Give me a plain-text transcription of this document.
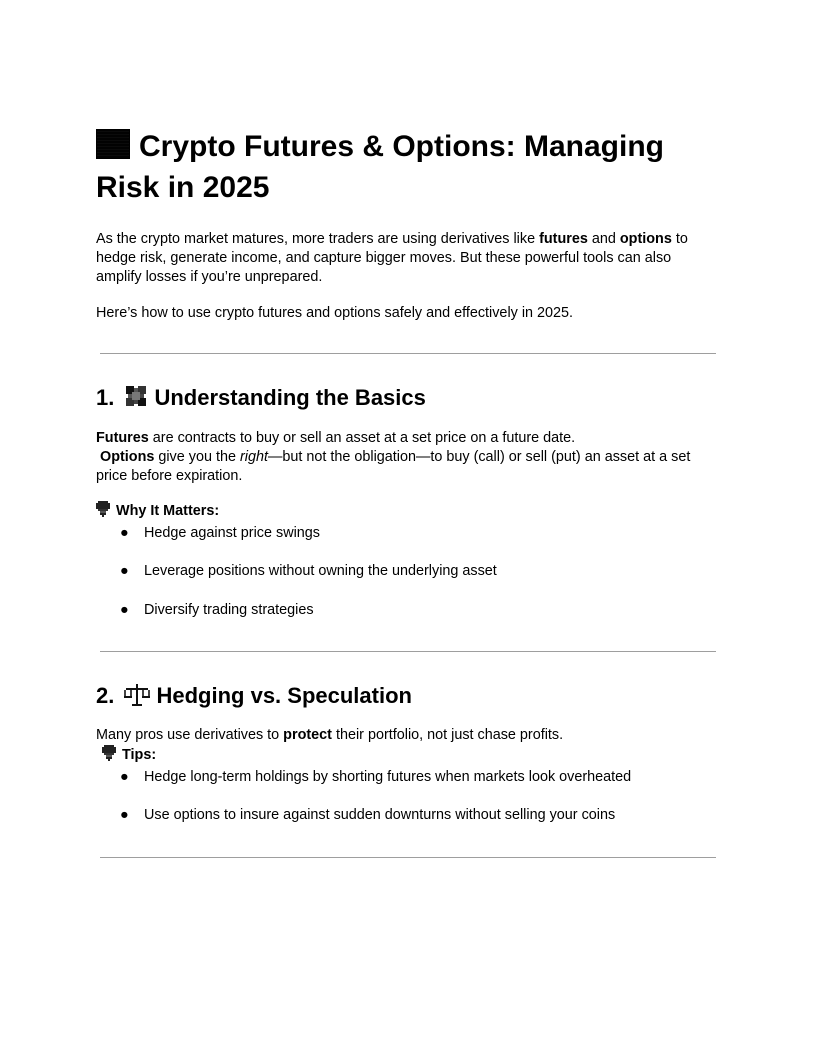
Crypto Futures & Options: Managing
Risk in 2025

As the crypto market matures, more traders are using derivatives like futures and options to hedge risk, generate income, and capture bigger moves. But these powerful tools can also amplify losses if you’re unprepared.

Here’s how to use crypto futures and options safely and effectively in 2025.

1. Understanding the Basics

Futures are contracts to buy or sell an asset at a set price on a future date.

Options give you the right—but not the obligation—to buy (call) or sell (put) an asset at a set price before expiration.

Why It Matters:

● Hedge against price swings
● Leverage positions without owning the underlying asset
● Diversify trading strategies
2. Hedging vs. Speculation

Many pros use derivatives to protect their portfolio, not just chase profits.

Tips:

● Hedge long-term holdings by shorting futures when markets look overheated
● Use options to insure against sudden downturns without selling your coins
